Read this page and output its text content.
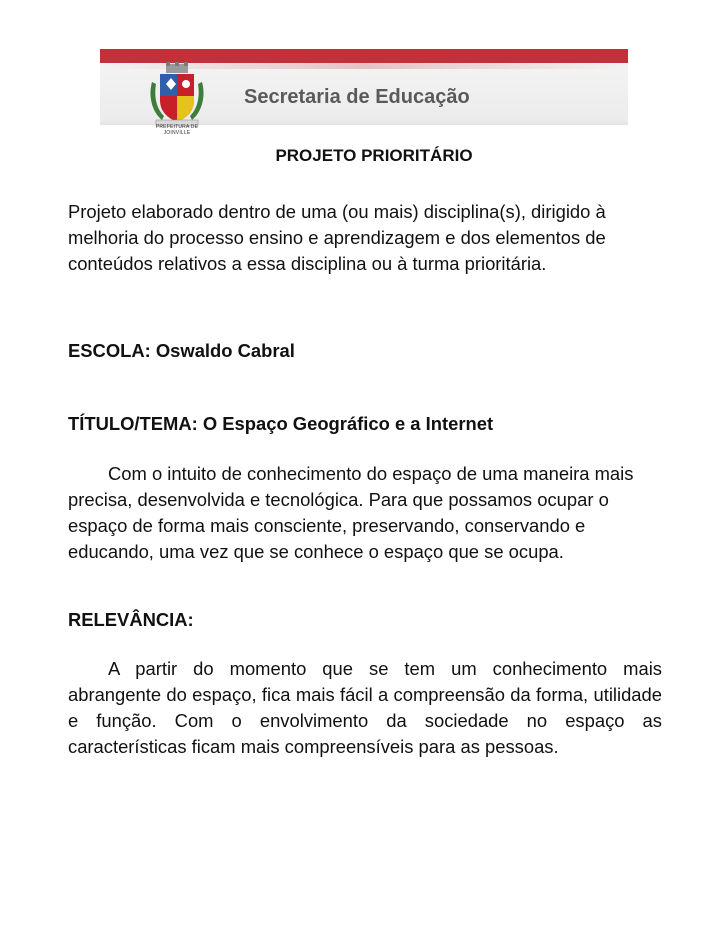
PREFEITURA DE JOINVILLE
Secretaria de Educação
PROJETO PRIORITÁRIO

Projeto elaborado dentro de uma (ou mais) disciplina(s), dirigido à melhoria do processo ensino e aprendizagem e dos elementos de conteúdos relativos a essa disciplina ou à turma prioritária.

ESCOLA: Oswaldo Cabral
TÍTULO/TEMA: O Espaço Geográfico e a Internet

Com o intuito de conhecimento do espaço de uma maneira mais precisa, desenvolvida e tecnológica. Para que possamos ocupar o espaço de forma mais consciente, preservando, conservando e educando, uma vez que se conhece o espaço que se ocupa.

RELEVÂNCIA:

A partir do momento que se tem um conhecimento mais abrangente do espaço, fica mais fácil a compreensão da forma, utilidade e função. Com o envolvimento da sociedade no espaço as características ficam mais compreensíveis para as pessoas.
